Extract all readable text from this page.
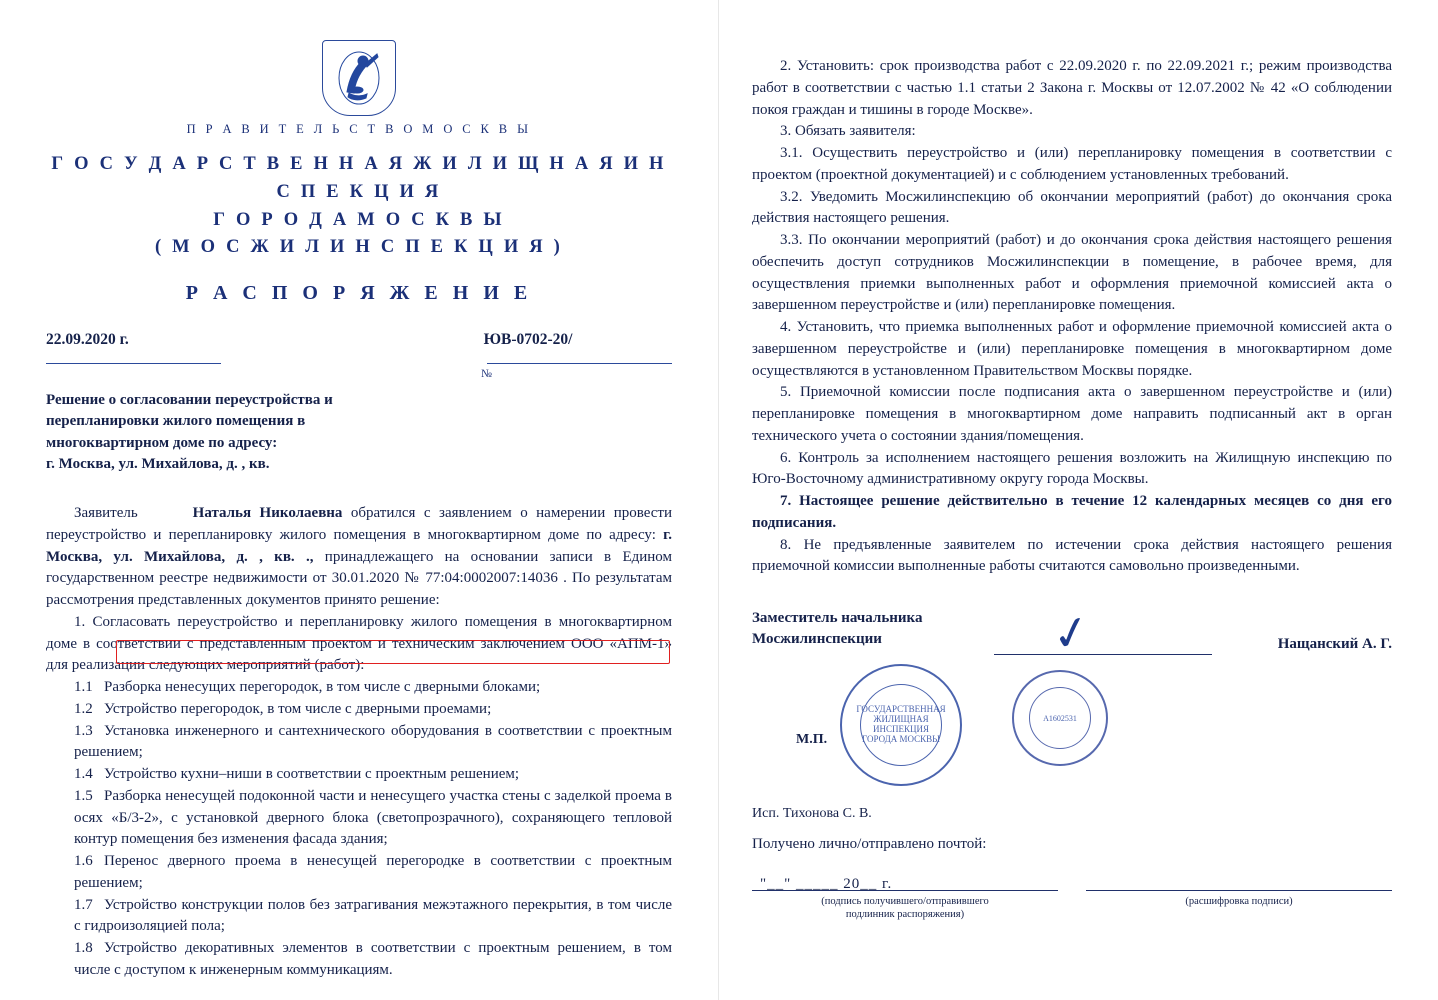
П Р А В И Т Е Л Ь С Т В О М О С К В Ы
Г О С У Д А Р С Т В Е Н Н А Я Ж И Л И Щ Н А Я И Н С П Е К Ц И Я
Г О Р О Д А М О С К В Ы
( М О С Ж И Л И Н С П Е К Ц И Я )
Р А С П О Р Я Ж Е Н И Е
22.09.2020 г.	ЮВ-0702-20/
№
Решение о согласовании переустройства и
перепланировки жилого помещения в
многоквартирном доме по адресу:
г. Москва, ул. Михайлова, д. , кв.

Заявитель	Наталья Николаевна обратился с заявлением о намерении провести переустройство и перепланировку жилого помещения в многоквартирном доме по адресу: г. Москва, ул. Михайлова, д. , кв. ., принадлежащего на основании записи в Едином государственном реестре недвижимости от 30.01.2020 № 77:04:0002007:14036 . По результатам рассмотрения представленных документов принято решение:

1. Согласовать переустройство и перепланировку жилого помещения в многоквартирном доме в соответствии с представленным проектом и техническим заключением ООО «АПМ-1» для реализации следующих мероприятий (работ):

1.1 Разборка ненесущих перегородок, в том числе с дверными блоками;
1.2 Устройство перегородок, в том числе с дверными проемами;
1.3 Установка инженерного и сантехнического оборудования в соответствии с проектным решением;
1.4 Устройство кухни–ниши в соответствии с проектным решением;
1.5 Разборка ненесущей подоконной части и ненесущего участка стены с заделкой проема в осях «Б/3-2», с установкой дверного блока (светопрозрачного), сохраняющего тепловой контур помещения без изменения фасада здания;
1.6 Перенос дверного проема в ненесущей перегородке в соответствии с проектным решением;
1.7 Устройство конструкции полов без затрагивания межэтажного перекрытия, в том числе с гидроизоляцией пола;
1.8 Устройство декоративных элементов в соответствии с проектным решением, в том числе с доступом к инженерным коммуникациям.

2. Установить: срок производства работ с 22.09.2020 г. по 22.09.2021 г.; режим производства работ в соответствии с частью 1.1 статьи 2 Закона г. Москвы от 12.07.2002 № 42 «О соблюдении покоя граждан и тишины в городе Москве».

3. Обязать заявителя:

3.1. Осуществить переустройство и (или) перепланировку помещения в соответствии с проектом (проектной документацией) и с соблюдением установленных требований.

3.2. Уведомить Мосжилинспекцию об окончании мероприятий (работ) до окончания срока действия настоящего решения.

3.3. По окончании мероприятий (работ) и до окончания срока действия настоящего решения обеспечить доступ сотрудников Мосжилинспекции в помещение, в рабочее время, для осуществления приемки выполненных работ и оформления приемочной комиссией акта о завершенном переустройстве и (или) перепланировке помещения.

4. Установить, что приемка выполненных работ и оформление приемочной комиссией акта о завершенном переустройстве и (или) перепланировке помещения в многоквартирном доме осуществляются в установленном Правительством Москвы порядке.

5. Приемочной комиссии после подписания акта о завершенном переустройстве и (или) перепланировке помещения в многоквартирном доме направить подписанный акт в орган технического учета о состоянии здания/помещения.

6. Контроль за исполнением настоящего решения возложить на Жилищную инспекцию по Юго-Восточному административному округу города Москвы.

7. Настоящее решение действительно в течение 12 календарных месяцев со дня его подписания.

8. Не предъявленные заявителем по истечении срока действия настоящего решения приемочной комиссии выполненные работы считаются самовольно произведенными.

Заместитель начальника
Мосжилинспекции	✓	Нащанский А. Г.
ГОСУДАРСТВЕННАЯ ЖИЛИЩНАЯ ИНСПЕКЦИЯ ГОРОДА МОСКВЫ
А1602531
М.П.
Исп. Тихонова С. В.
Получено лично/отправлено почтой:
"__" _____ 20__ г.
(подпись получившего/отправившего
подлинник распоряжения)
(расшифровка подписи)
